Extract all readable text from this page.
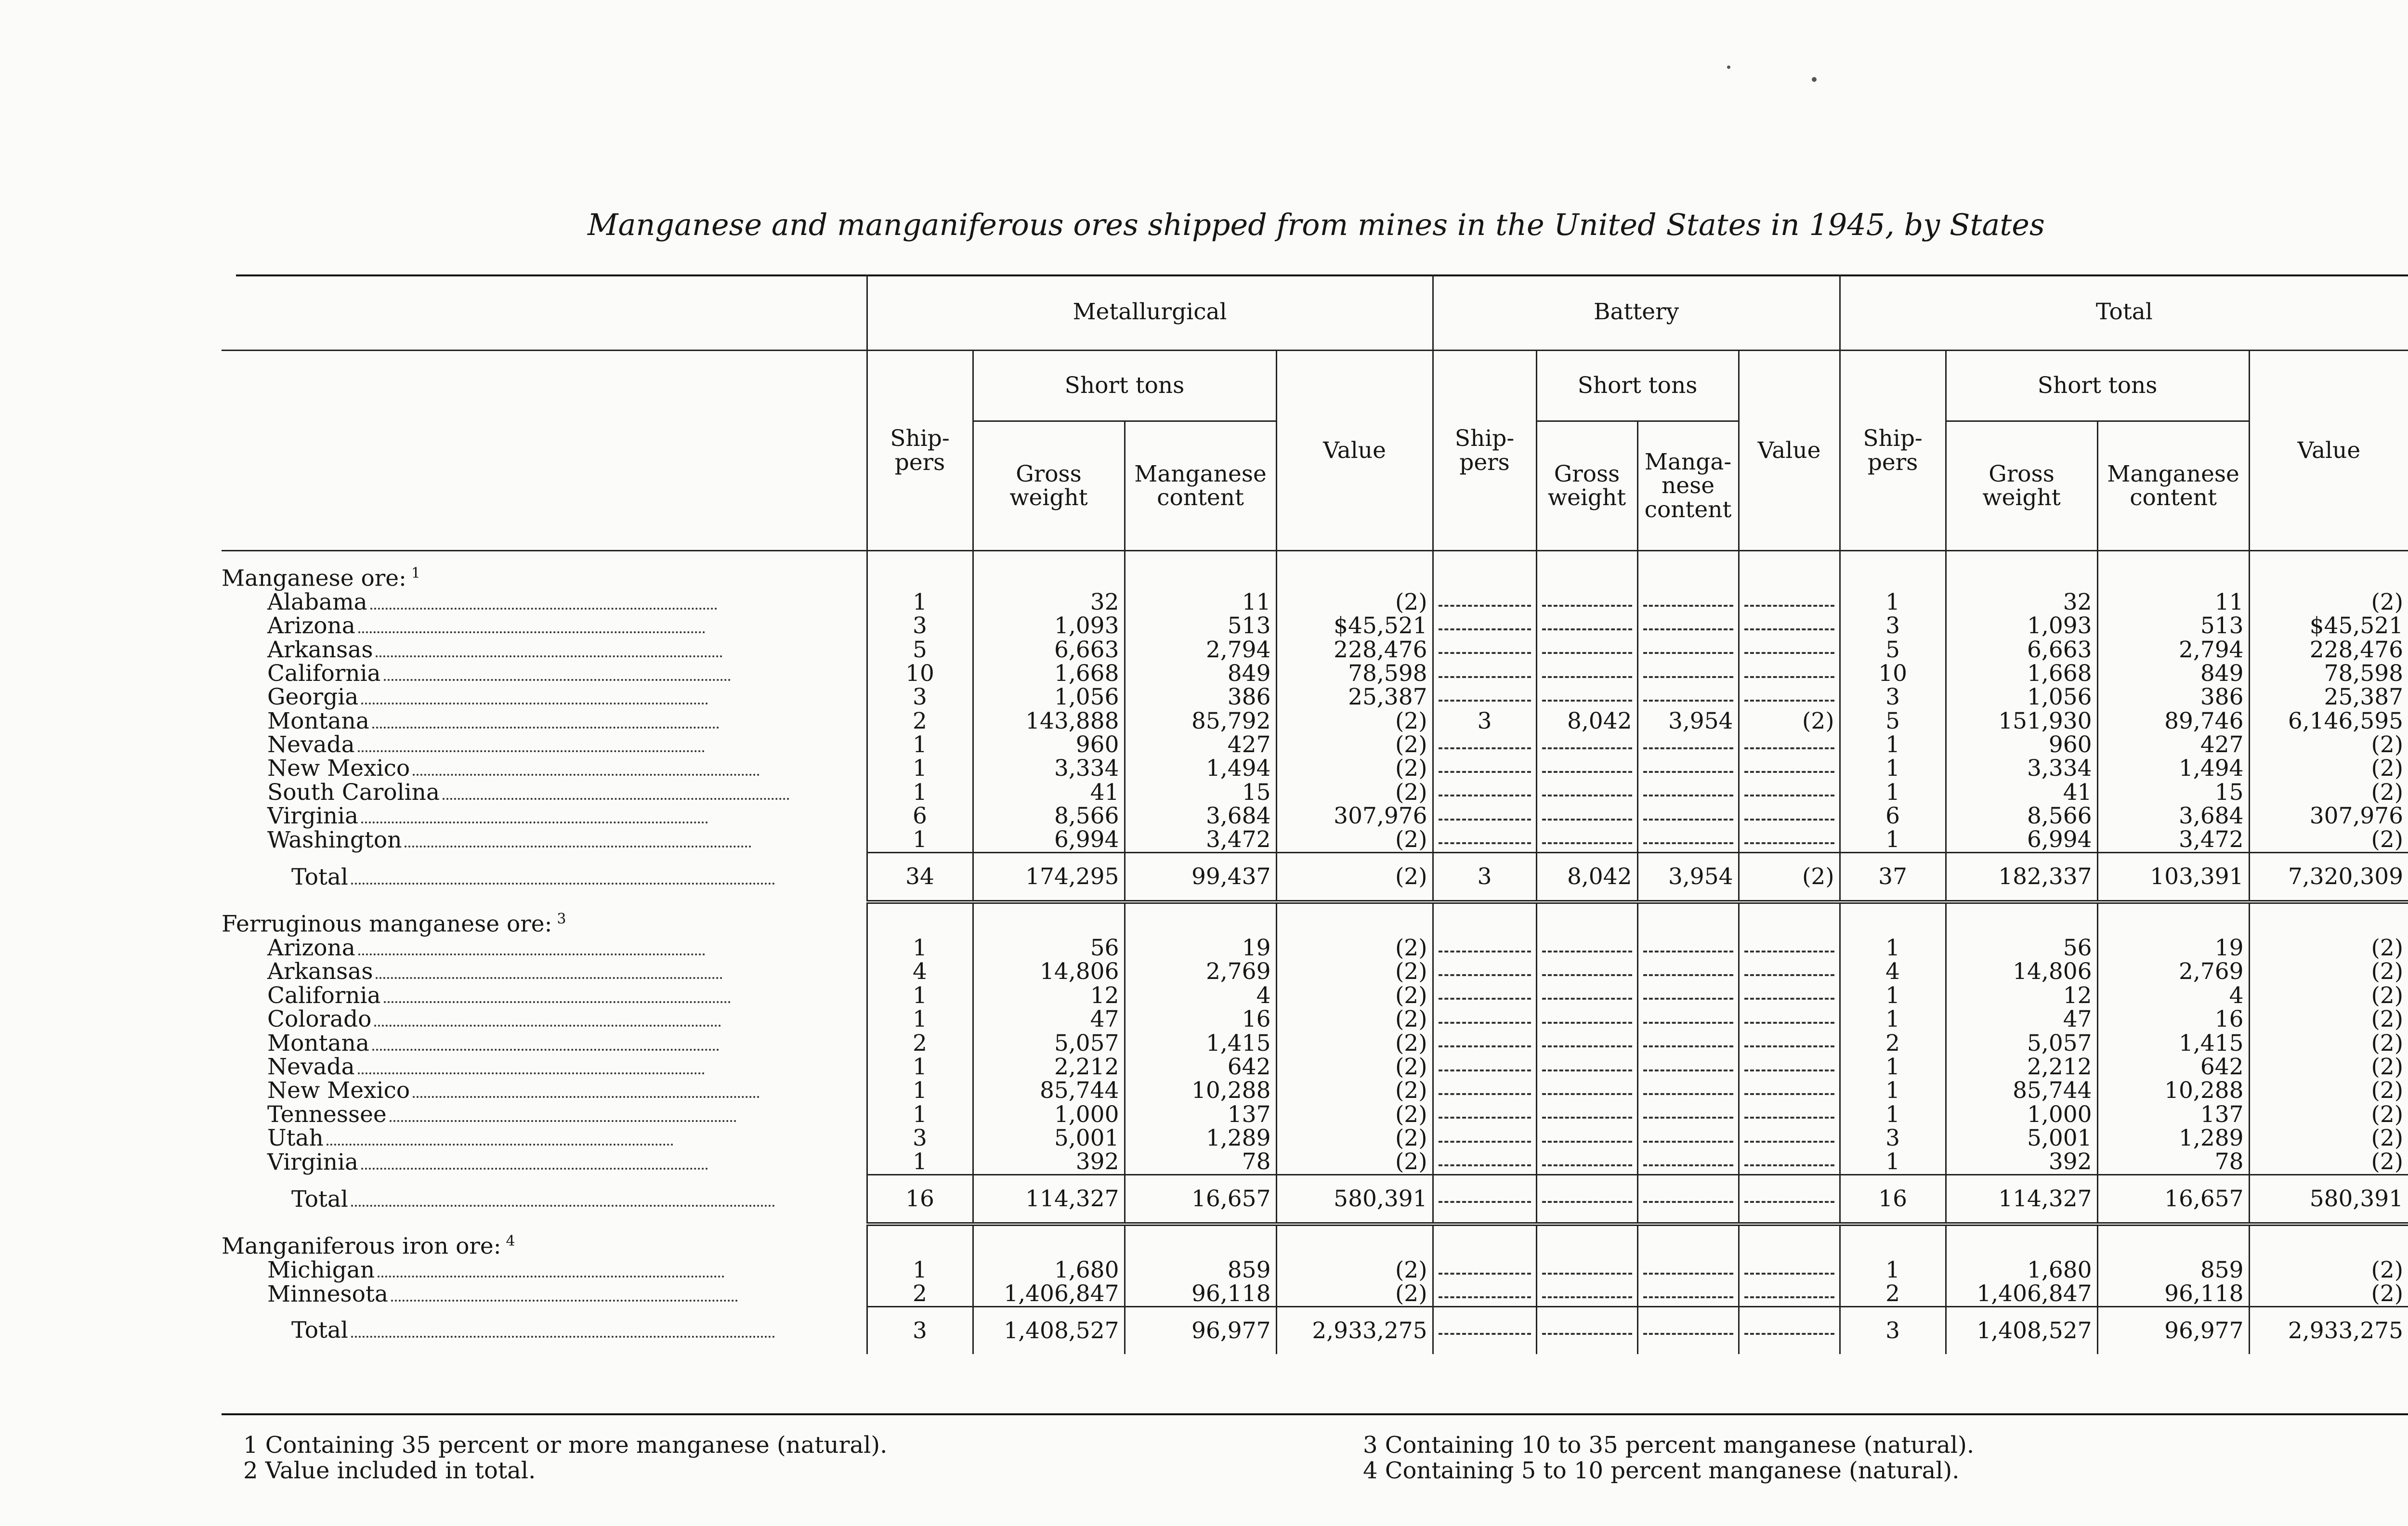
Manganese and manganiferous ores shipped from mines in the United States in 1945, by States
	Metallurgical				Battery				Total			
	Ship-pers	Short tons		Value	Ship-pers	Short tons		Value	Ship-pers	Short tons		Value
		Gross weight	Manganese content			Gross weight	Manga-nese content			Gross weight	Manganese content	

Manganese ore: $^1$												
Alabama	1	32	11	(2)					1	32	11	(2)
Arizona	3	1,093	513	$45,521					3	1,093	513	$45,521
Arkansas	5	6,663	2,794	228,476					5	6,663	2,794	228,476
California	10	1,668	849	78,598					10	1,668	849	78,598
Georgia	3	1,056	386	25,387					3	1,056	386	25,387
Montana	2	143,888	85,792	(2)	3	8,042	3,954	(2)	5	151,930	89,746	6,146,595
Nevada	1	960	427	(2)					1	960	427	(2)
New Mexico	1	3,334	1,494	(2)					1	3,334	1,494	(2)
South Carolina	1	41	15	(2)					1	41	15	(2)
Virginia	6	8,566	3,684	307,976					6	8,566	3,684	307,976
Washington	1	6,994	3,472	(2)					1	6,994	3,472	(2)
Total	34	174,295	99,437	(2)	3	8,042	3,954	(2)	37	182,337	103,391	7,320,309
Ferruginous manganese ore: $^3$												
Arizona	1	56	19	(2)					1	56	19	(2)
Arkansas	4	14,806	2,769	(2)					4	14,806	2,769	(2)
California	1	12	4	(2)					1	12	4	(2)
Colorado	1	47	16	(2)					1	47	16	(2)
Montana	2	5,057	1,415	(2)					2	5,057	1,415	(2)
Nevada	1	2,212	642	(2)					1	2,212	642	(2)
New Mexico	1	85,744	10,288	(2)					1	85,744	10,288	(2)
Tennessee	1	1,000	137	(2)					1	1,000	137	(2)
Utah	3	5,001	1,289	(2)					3	5,001	1,289	(2)
Virginia	1	392	78	(2)					1	392	78	(2)
Total	16	114,327	16,657	580,391					16	114,327	16,657	580,391
Manganiferous iron ore: $^4$												
Michigan	1	1,680	859	(2)					1	1,680	859	(2)
Minnesota	2	1,406,847	96,118	(2)					2	1,406,847	96,118	(2)
Total	3	1,408,527	96,977	2,933,275					3	1,408,527	96,977	2,933,275
1 Containing 35 percent or more manganese (natural).
2 Value included in total.
3 Containing 10 to 35 percent manganese (natural).
4 Containing 5 to 10 percent manganese (natural).
